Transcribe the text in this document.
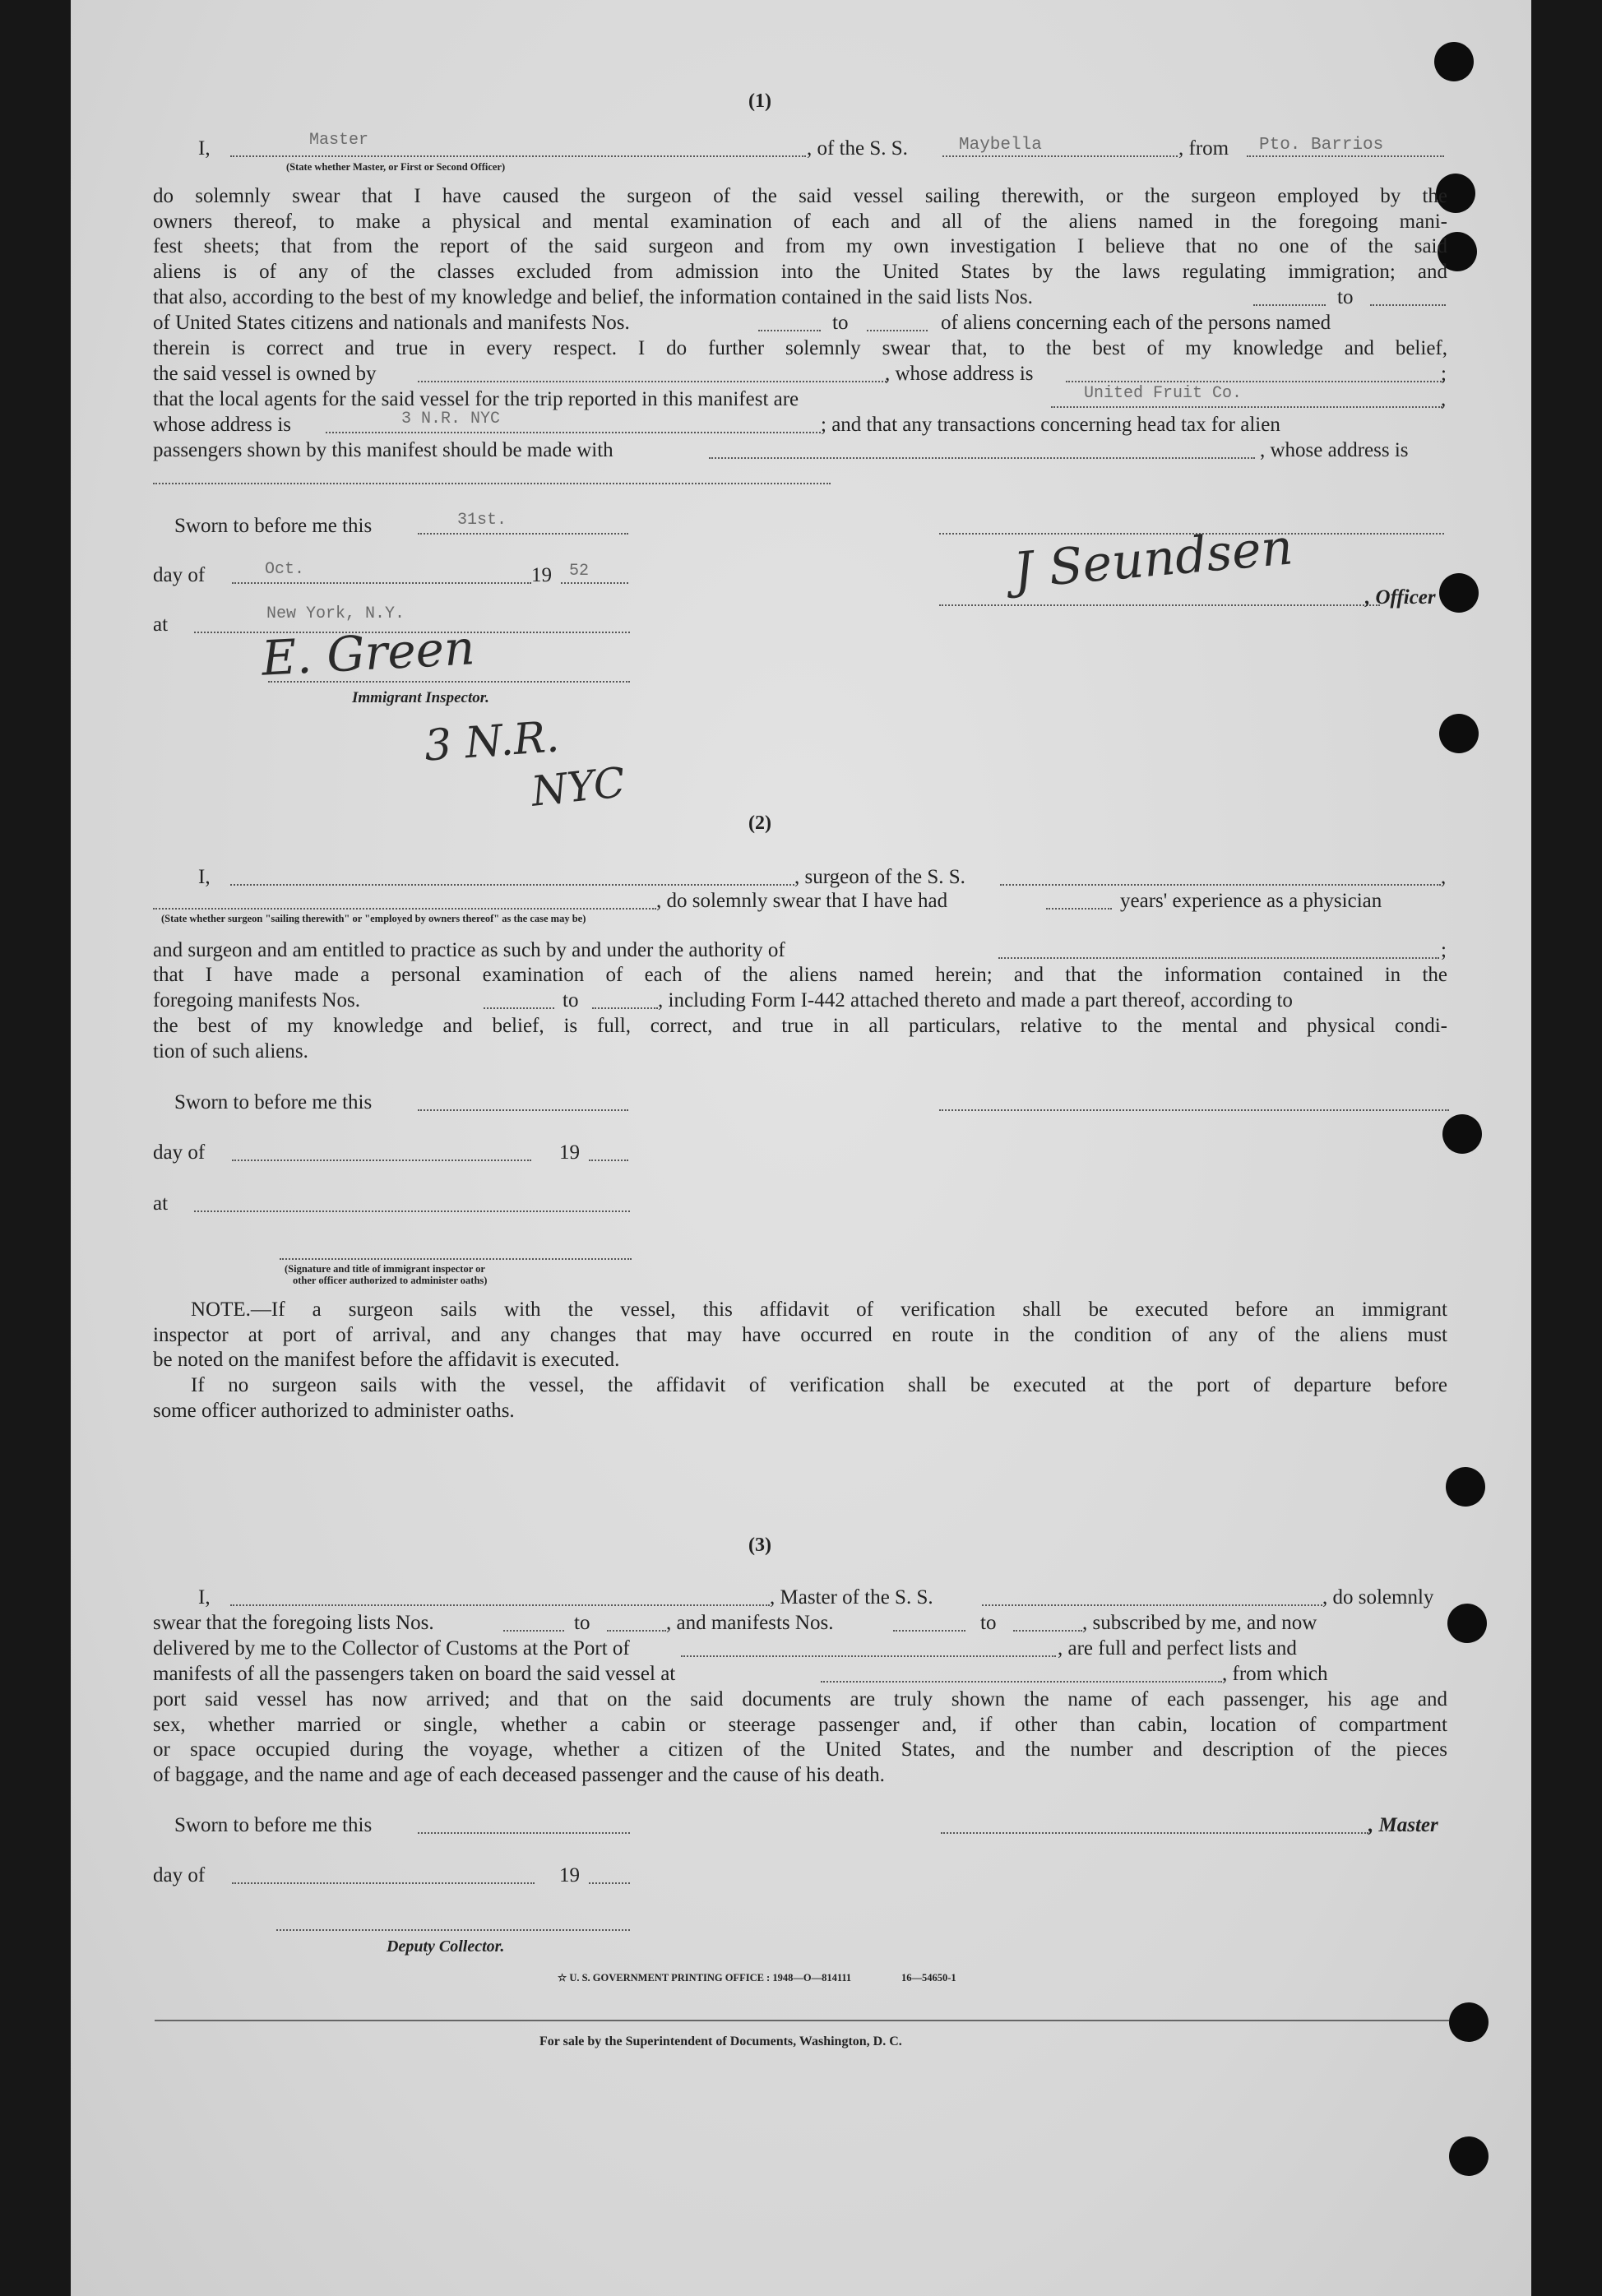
(1)
I,	Master	, of the S. S.	Maybella	, from Pto. Barrios
(State whether Master, or First or Second Officer)
do solemnly swear that I have caused the surgeon of the said vessel sailing therewith, or the surgeon employed by the
owners thereof, to make a physical and mental examination of each and all of the aliens named in the foregoing mani-
fest sheets; that from the report of the said surgeon and from my own investigation I believe that no one of the said
aliens is of any of the classes excluded from admission into the United States by the laws regulating immigration; and
that also, according to the best of my knowledge and belief, the information contained in the said lists Nos.	to
of United States citizens and nationals and manifests Nos.	to	of aliens concerning each of the persons named
therein is correct and true in every respect. I do further solemnly swear that, to the best of my knowledge and belief,
the said vessel is owned by	, whose address is	;
that the local agents for the said vessel for the trip reported in this manifest are	United Fruit Co.	,
whose address is	3 N.R. NYC	; and that any transactions concerning head tax for alien
passengers shown by this manifest should be made with	, whose address is
Sworn to before me this	31st.
day of	Oct.	19 52	J Seundsen	, Officer
at	New York, N.Y.
E. Green
Immigrant Inspector.
3 N.R.
NYC
(2)
I,	, surgeon of the S. S.	,
, do solemnly swear that I have had	years' experience as a physician
(State whether surgeon "sailing therewith" or "employed by owners thereof" as the case may be)
and surgeon and am entitled to practice as such by and under the authority of	;
that I have made a personal examination of each of the aliens named herein; and that the information contained in the
foregoing manifests Nos.	to	, including Form I-442 attached thereto and made a part thereof, according to
the best of my knowledge and belief, is full, correct, and true in all particulars, relative to the mental and physical condi-
tion of such aliens.
Sworn to before me this
day of	19
at
(Signature and title of immigrant inspector or
other officer authorized to administer oaths)
NOTE.—If a surgeon sails with the vessel, this affidavit of verification shall be executed before an immigrant
inspector at port of arrival, and any changes that may have occurred en route in the condition of any of the aliens must
be noted on the manifest before the affidavit is executed.
If no surgeon sails with the vessel, the affidavit of verification shall be executed at the port of departure before
some officer authorized to administer oaths.
(3)
I,	, Master of the S. S.	, do solemnly
swear that the foregoing lists Nos.	to	, and manifests Nos.	to	, subscribed by me, and now
delivered by me to the Collector of Customs at the Port of	, are full and perfect lists and
manifests of all the passengers taken on board the said vessel at	, from which
port said vessel has now arrived; and that on the said documents are truly shown the name of each passenger, his age and
sex, whether married or single, whether a cabin or steerage passenger and, if other than cabin, location of compartment
or space occupied during the voyage, whether a citizen of the United States, and the number and description of the pieces
of baggage, and the name and age of each deceased passenger and the cause of his death.
Sworn to before me this	, Master
day of	19
Deputy Collector.
☆ U. S. GOVERNMENT PRINTING OFFICE : 1948—O—814111	16—54650-1
For sale by the Superintendent of Documents, Washington, D. C.
